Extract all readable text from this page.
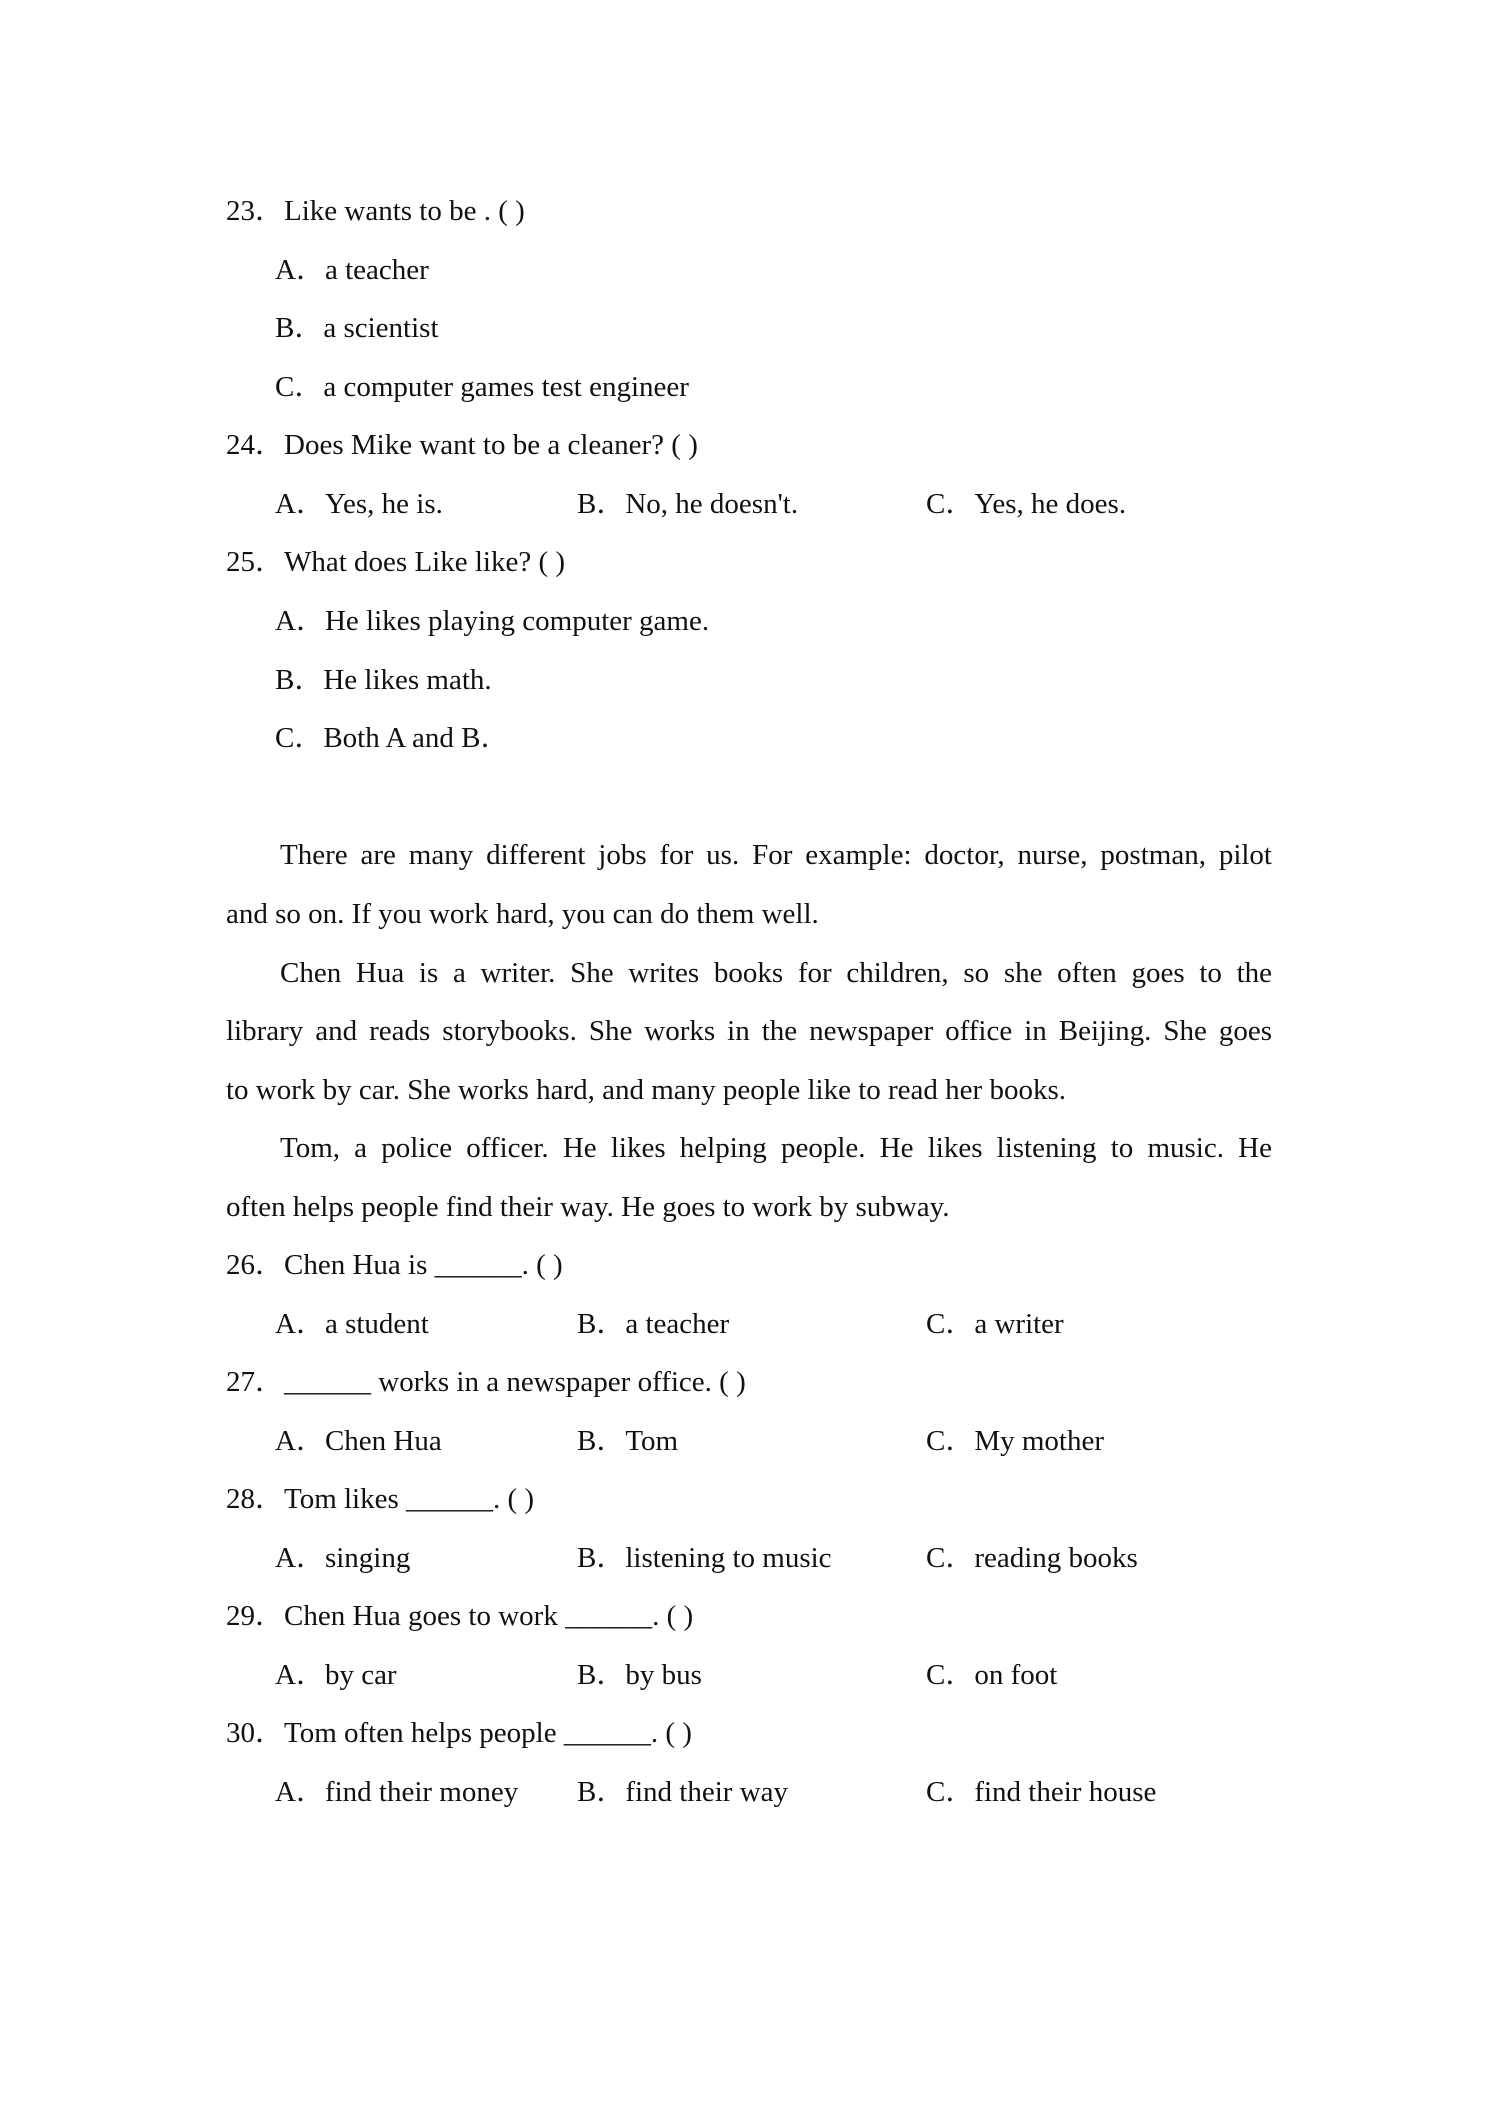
23．Like wants to be . ( )
A．a teacher
B．a scientist
C．a computer games test engineer
24．Does Mike want to be a cleaner? ( )
A．Yes, he is.	B．No, he doesn't.	C．Yes, he does.
25．What does Like like? ( )
A．He likes playing computer game.
B．He likes math.
C．Both A and B．
There are many different jobs for us. For example: doctor, nurse, postman, pilot
and so on. If you work hard, you can do them well.
Chen Hua is a writer. She writes books for children, so she often goes to the
library and reads storybooks. She works in the newspaper office in Beijing. She goes
to work by car. She works hard, and many people like to read her books.
Tom, a police officer. He likes helping people. He likes listening to music. He
often helps people find their way. He goes to work by subway.
26．Chen Hua is ______. ( )
A．a student	B．a teacher	C．a writer
27．______ works in a newspaper office. ( )
A．Chen Hua	B．Tom	C．My mother
28．Tom likes ______. ( )
A．singing	B．listening to music	C．reading books
29．Chen Hua goes to work ______. ( )
A．by car	B．by bus	C．on foot
30．Tom often helps people ______. ( )
A．find their money B．find their way	C．find their house
